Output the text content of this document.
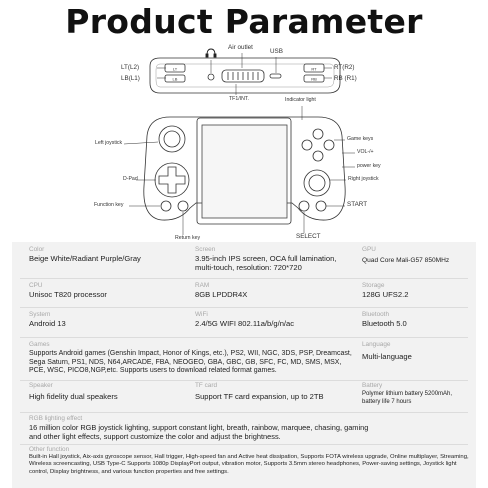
Product Parameter
LT
LB
RT
RB
Air outlet
USB
LT(L2)
LB(L1)
RT(R2)
RB (R1)
TF1/INT.	Indicator light
Left joystick
D-Pad
Function key
Return key
Game keys
VOL-/+
power key
Right joystick
START
SELECT
Color
Beige White/Radiant Purple/Gray
Screen
3.95-inch IPS screen, OCA full lamination, multi-touch, resolution: 720*720
GPU
Quad Core Mali-G57 850MHz
CPU
Unisoc T820 processor
RAM
8GB LPDDR4X
Storage
128G UFS2.2
System
Android 13
WiFi
2.4/5G WIFI 802.11a/b/g/n/ac
Bluetooth
Bluetooth 5.0
Games
Supports Android games (Genshin Impact, Honor of Kings, etc.), PS2, WII, NGC, 3DS, PSP, Dreamcast, Sega Saturn, PS1, NDS, N64,ARCADE, FBA, NEOGEO, GBA, GBC, GB, SFC, FC, MD, SMS, MSX, PCE, WSC, PICO8,NGP,etc. Supports users to download related format games.
Language
Multi-language
Speaker
High fidelity dual speakers
TF card
Support TF card expansion, up to 2TB
Battery
Polymer lithium battery 5200mAh, battery life 7 hours
RGB lighting effect
16 million color RGB joystick lighting, support constant light, breath, rainbow, marquee, chasing, gaming and other light effects, support customize the color and adjust the brightness.
Other function
Built-in Hall joystick, Aix-axis gyroscope sensor, Hall trigger, High-speed fan and Active heat dissipation, Supports FOTA wireless upgrade, Online multiplayer, Streaming, Wireless screencasting, USB Type-C Supports 1080p DisplayPort output, vibration motor, Supports 3.5mm stereo headphones, Power-saving settings, Joystick light control, Display brightness, and various function properties and free settings.
